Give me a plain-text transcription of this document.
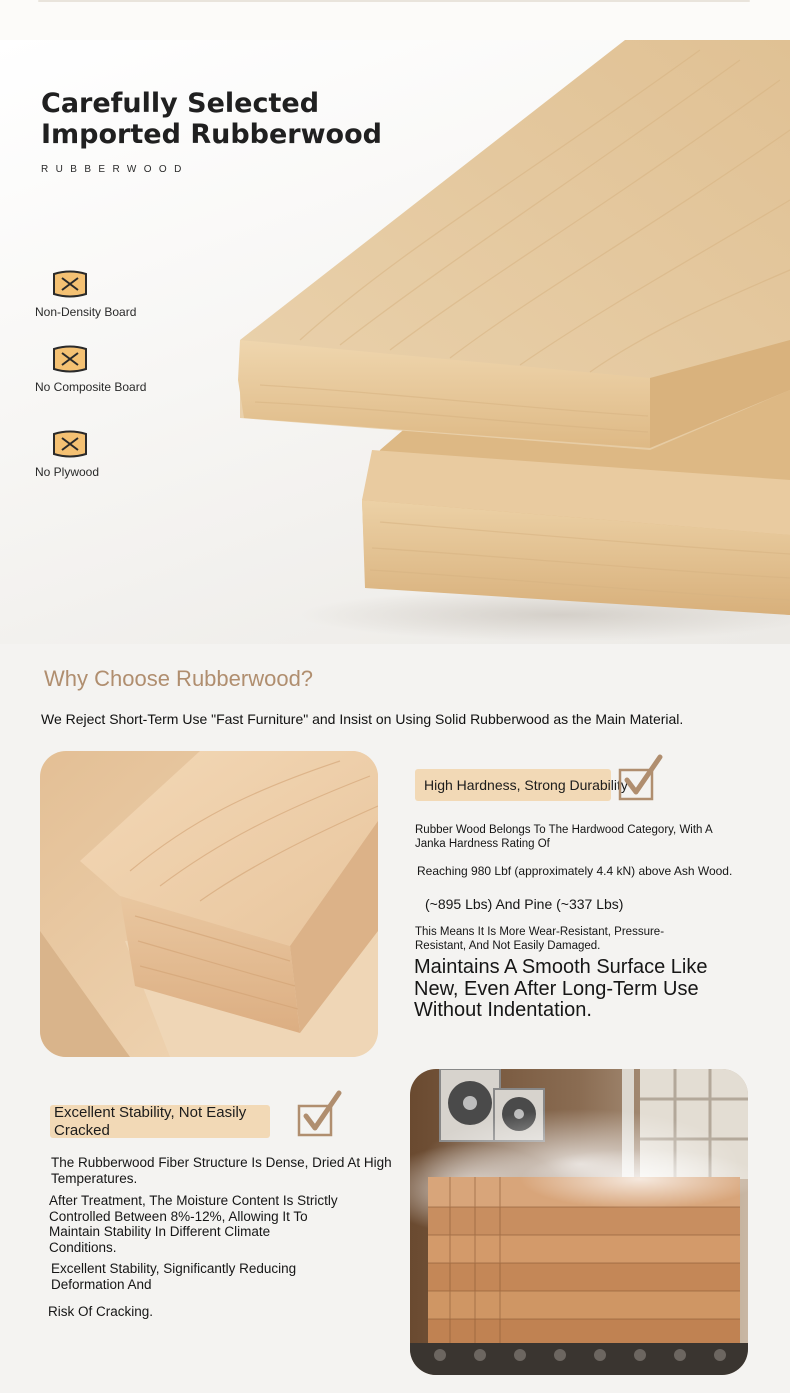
Carefully Selected Imported Rubberwood
RUBBERWOOD
Non-Density Board
No Composite Board
No Plywood
Why Choose Rubberwood?

We Reject Short-Term Use "Fast Furniture" and Insist on Using Solid Rubberwood as the Main Material.

High Hardness, Strong Durability

Rubber Wood Belongs To The Hardwood Category, With A Janka Hardness Rating Of

Reaching 980 Lbf (approximately 4.4 kN) above Ash Wood.

(~895 Lbs) And Pine (~337 Lbs)

This Means It Is More Wear-Resistant, Pressure-Resistant, And Not Easily Damaged.

Maintains A Smooth Surface Like New, Even After Long-Term Use Without Indentation.

Excellent Stability, Not Easily Cracked

The Rubberwood Fiber Structure Is Dense, Dried At High Temperatures.

After Treatment, The Moisture Content Is Strictly Controlled Between 8%-12%, Allowing It To Maintain Stability In Different Climate Conditions.

Excellent Stability, Significantly Reducing Deformation And

Risk Of Cracking.
